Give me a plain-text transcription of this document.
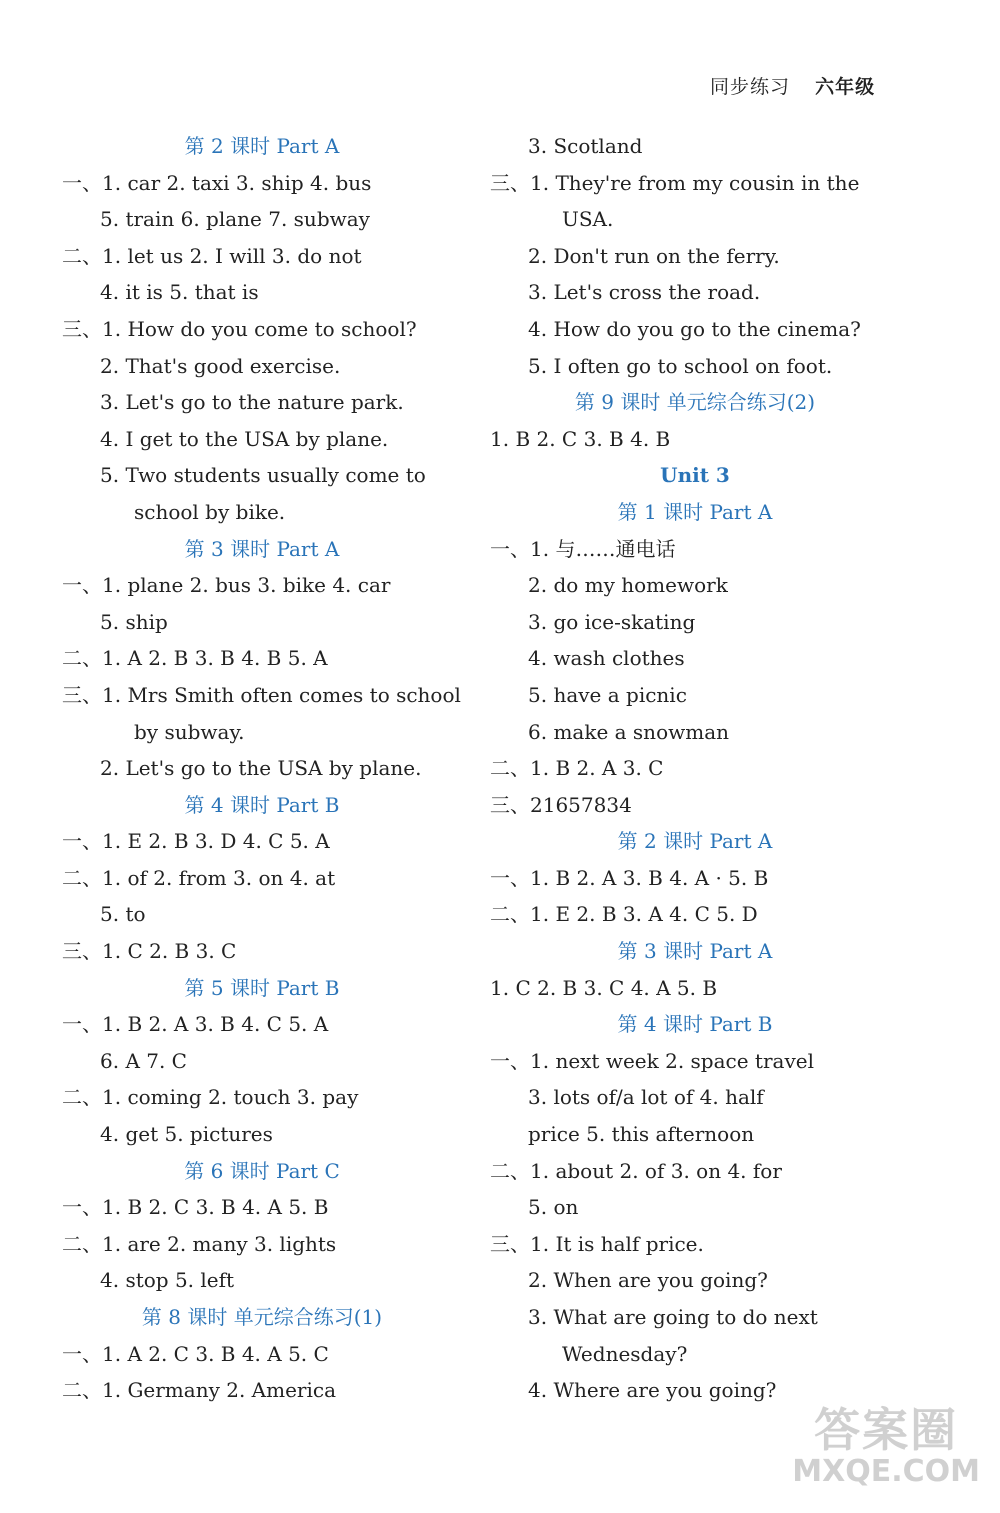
同步练习 六年级
第 2 课时 Part A
一、1. car 2. taxi 3. ship 4. bus
5. train 6. plane 7. subway
二、1. let us 2. I will 3. do not
4. it is 5. that is
三、1. How do you come to school?
2. That's good exercise.
3. Let's go to the nature park.
4. I get to the USA by plane.
5. Two students usually come to
school by bike.
第 3 课时 Part A
一、1. plane 2. bus 3. bike 4. car
5. ship
二、1. A 2. B 3. B 4. B 5. A
三、1. Mrs Smith often comes to school
by subway.
2. Let's go to the USA by plane.
第 4 课时 Part B
一、1. E 2. B 3. D 4. C 5. A
二、1. of 2. from 3. on 4. at
5. to
三、1. C 2. B 3. C
第 5 课时 Part B
一、1. B 2. A 3. B 4. C 5. A
6. A 7. C
二、1. coming 2. touch 3. pay
4. get 5. pictures
第 6 课时 Part C
一、1. B 2. C 3. B 4. A 5. B
二、1. are 2. many 3. lights
4. stop 5. left
第 8 课时 单元综合练习(1)
一、1. A 2. C 3. B 4. A 5. C
二、1. Germany 2. America
3. Scotland
三、1. They're from my cousin in the
USA.
2. Don't run on the ferry.
3. Let's cross the road.
4. How do you go to the cinema?
5. I often go to school on foot.
第 9 课时 单元综合练习(2)
1. B 2. C 3. B 4. B
Unit 3
第 1 课时 Part A
一、1. 与……通电话
2. do my homework
3. go ice-skating
4. wash clothes
5. have a picnic
6. make a snowman
二、1. B 2. A 3. C
三、21657834
第 2 课时 Part A
一、1. B 2. A 3. B 4. A · 5. B
二、1. E 2. B 3. A 4. C 5. D
第 3 课时 Part A
1. C 2. B 3. C 4. A 5. B
第 4 课时 Part B
一、1. next week 2. space travel
3. lots of/a lot of 4. half
price 5. this afternoon
二、1. about 2. of 3. on 4. for
5. on
三、1. It is half price.
2. When are you going?
3. What are going to do next
Wednesday?
4. Where are you going?
答案圈
MXQE.COM
